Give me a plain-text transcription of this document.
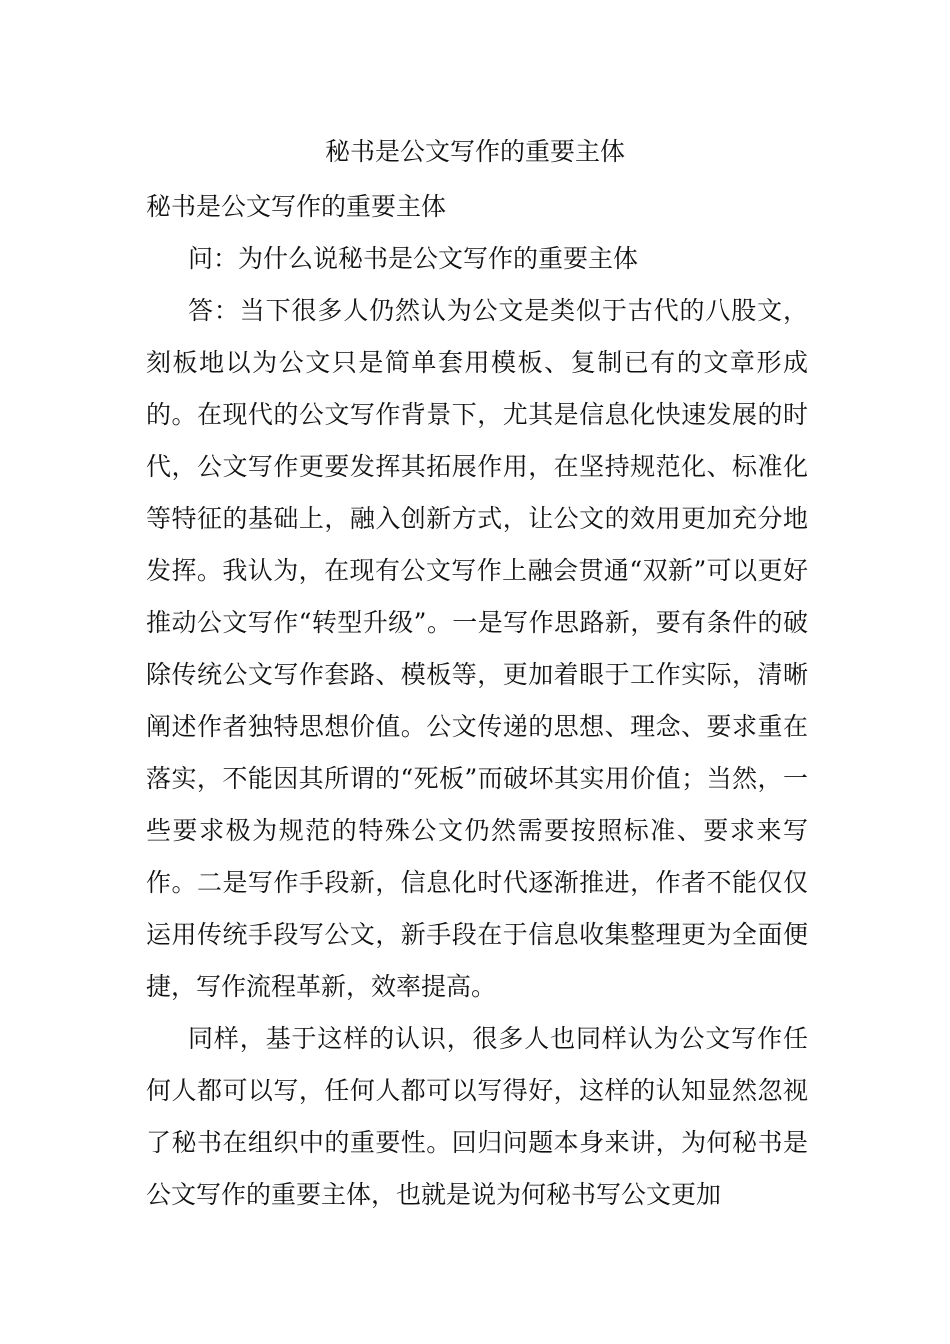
秘书是公文写作的重要主体

秘书是公文写作的重要主体

问：为什么说秘书是公文写作的重要主体

答：当下很多人仍然认为公文是类似于古代的八股文，刻板地以为公文只是简单套用模板、复制已有的文章形成的。在现代的公文写作背景下，尤其是信息化快速发展的时代，公文写作更要发挥其拓展作用，在坚持规范化、标准化等特征的基础上，融入创新方式，让公文的效用更加充分地发挥。我认为，在现有公文写作上融会贯通“双新”可以更好推动公文写作“转型升级”。一是写作思路新，要有条件的破除传统公文写作套路、模板等，更加着眼于工作实际，清晰阐述作者独特思想价值。公文传递的思想、理念、要求重在落实，不能因其所谓的“死板”而破坏其实用价值；当然，一些要求极为规范的特殊公文仍然需要按照标准、要求来写作。二是写作手段新，信息化时代逐渐推进，作者不能仅仅运用传统手段写公文，新手段在于信息收集整理更为全面便捷，写作流程革新，效率提高。

同样，基于这样的认识，很多人也同样认为公文写作任何人都可以写，任何人都可以写得好，这样的认知显然忽视了秘书在组织中的重要性。回归问题本身来讲，为何秘书是公文写作的重要主体，也就是说为何秘书写公文更加
